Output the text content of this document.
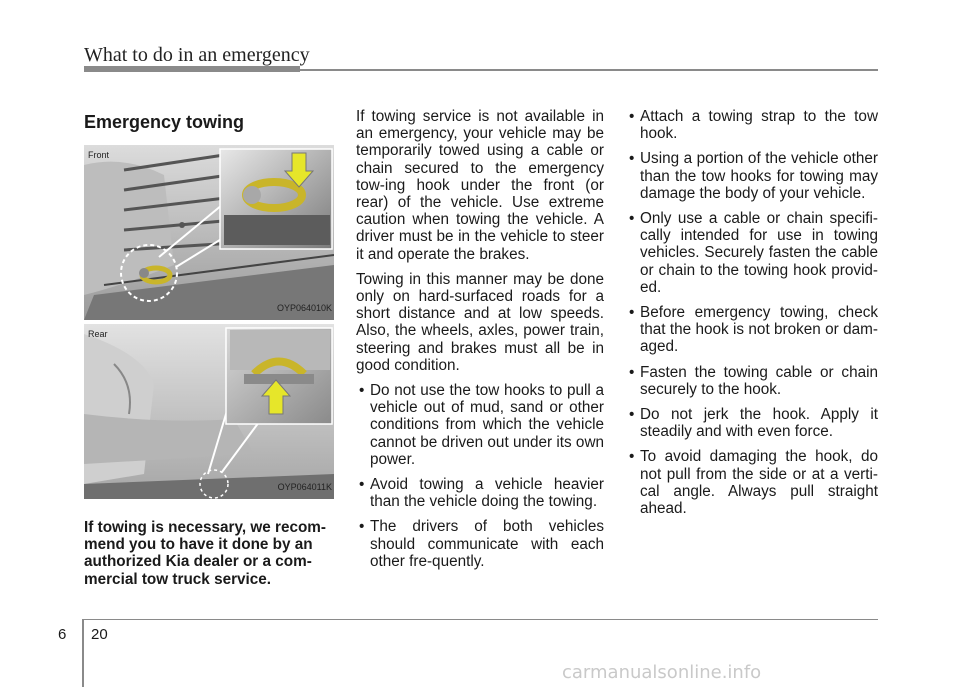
What to do in an emergency
Emergency towing
Front
OYP064010K
Rear
OYP064011K

If towing is necessary, we recom-mend you to have it done by an authorized Kia dealer or a com-mercial tow truck service.

If towing service is not available in an emergency, your vehicle may be temporarily towed using a cable or chain secured to the emergency tow-ing hook under the front (or rear) of the vehicle. Use extreme caution when towing the vehicle. A driver must be in the vehicle to steer it and operate the brakes.

Towing in this manner may be done only on hard-surfaced roads for a short distance and at low speeds. Also, the wheels, axles, power train, steering and brakes must all be in good condition.

• Do not use the tow hooks to pull a vehicle out of mud, sand or other conditions from which the vehicle cannot be driven out under its own power.
• Avoid towing a vehicle heavier than the vehicle doing the towing.
• The drivers of both vehicles should communicate with each other fre-quently.
• Attach a towing strap to the tow hook.
• Using a portion of the vehicle other than the tow hooks for towing may damage the body of your vehicle.
• Only use a cable or chain specifi-cally intended for use in towing vehicles. Securely fasten the cable or chain to the towing hook provid-ed.
• Before emergency towing, check that the hook is not broken or dam-aged.
• Fasten the towing cable or chain securely to the hook.
• Do not jerk the hook. Apply it steadily and with even force.
• To avoid damaging the hook, do not pull from the side or at a verti-cal angle. Always pull straight ahead.
6 20
carmanualsonline.info
